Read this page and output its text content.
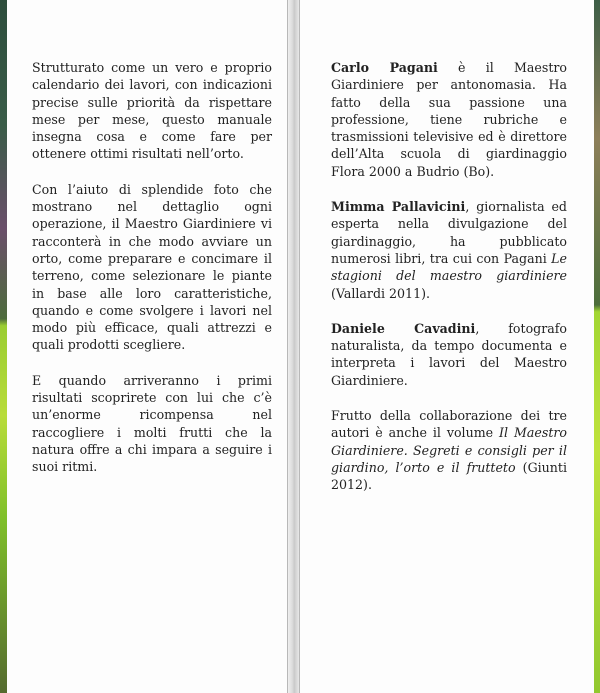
Strutturato come un vero e proprio calendario dei lavori, con indicazioni precise sulle priorità da rispettare mese per mese, questo manuale insegna cosa e come fare per ottenere ottimi risultati nell’orto.

Con l’aiuto di splendide foto che mostrano nel dettaglio ogni operazione, il Maestro Giardiniere vi racconterà in che modo avviare un orto, come preparare e concimare il terreno, come selezionare le piante in base alle loro caratteristiche, quando e come svolgere i lavori nel modo più efficace, quali attrezzi e quali prodotti scegliere.

E quando arriveranno i primi risultati scoprirete con lui che c’è un’enorme ricompensa nel raccogliere i molti frutti che la natura offre a chi impara a seguire i suoi ritmi.

Carlo Pagani è il Maestro Giardiniere per antonomasia. Ha fatto della sua passione una professione, tiene rubriche e trasmissioni televisive ed è direttore dell’Alta scuola di giardinaggio Flora 2000 a Budrio (Bo).

Mimma Pallavicini, giornalista ed esperta nella divulgazione del giardinaggio, ha pubblicato numerosi libri, tra cui con Pagani Le stagioni del maestro giardiniere (Vallardi 2011).

Daniele Cavadini, fotografo naturalista, da tempo documenta e interpreta i lavori del Maestro Giardiniere.

Frutto della collaborazione dei tre autori è anche il volume Il Maestro Giardiniere. Segreti e consigli per il giardino, l’orto e il frutteto (Giunti 2012).
